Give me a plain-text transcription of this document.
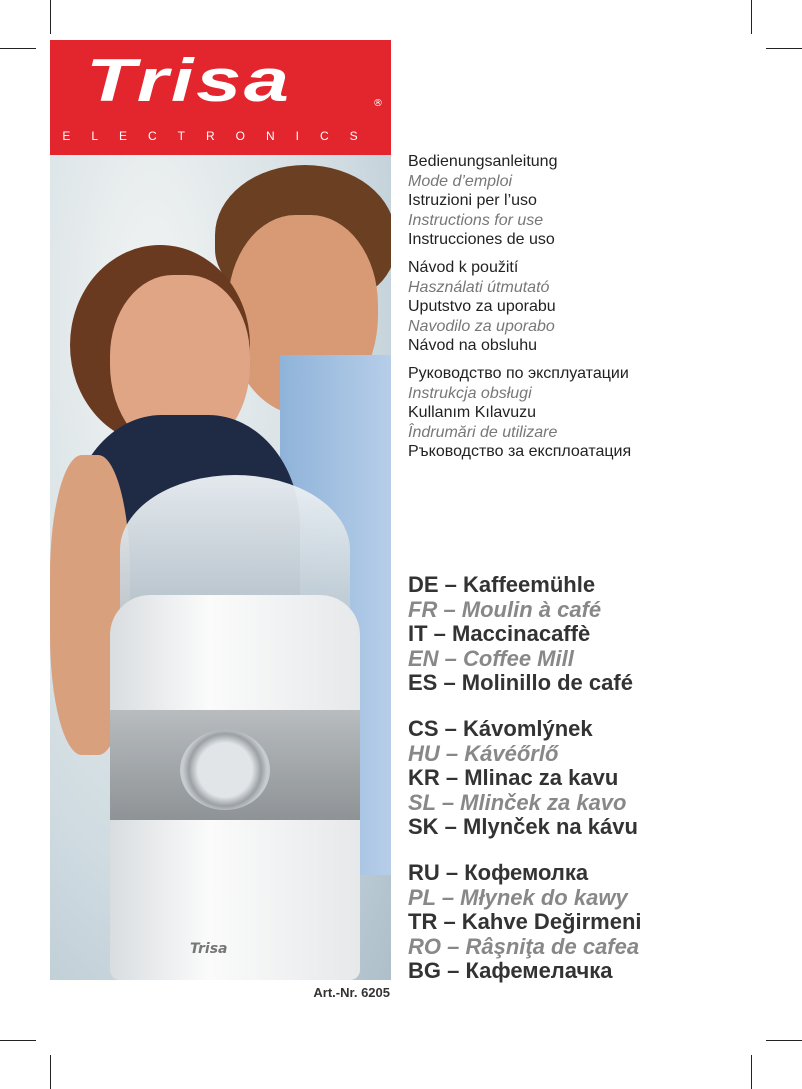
Trisa	®
ELECTRONICS
Trisa
Art.-Nr. 6205
Bedienungsanleitung
Mode d’emploi
Istruzioni per l’uso
Instructions for use
Instrucciones de uso
Návod k použití
Használati útmutató
Uputstvo za uporabu
Navodilo za uporabo
Návod na obsluhu
Руководство по эксплуатации
Instrukcja obsługi
Kullanım Kılavuzu
Îndrumări de utilizare
Ръководство за експлоатация
DE – Kaffeemühle
FR – Moulin à café
IT – Maccinacaffè
EN – Coffee Mill
ES – Molinillo de café
CS – Kávomlýnek
HU – Kávéőrlő
KR – Mlinac za kavu
SL – Mlinček za kavo
SK – Mlynček na kávu
RU – Кофемолка
PL – Młynek do kawy
TR – Kahve Değirmeni
RO – Râşniţa de cafea
BG – Кафемелачка
